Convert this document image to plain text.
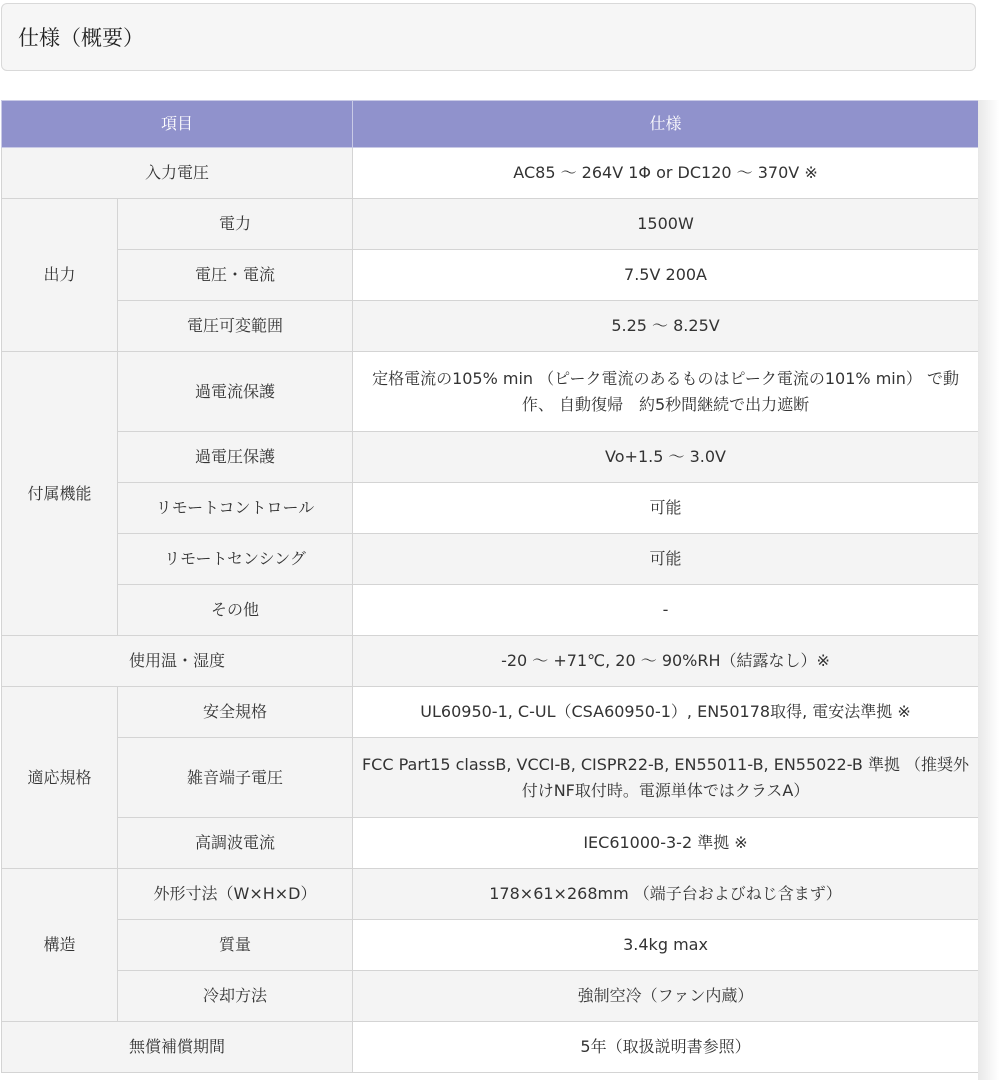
仕様（概要）
項目		仕様
入力電圧		AC85 ～ 264V 1Φ or DC120 ～ 370V ※
出力	電力	1500W
	電圧・電流	7.5V 200A
	電圧可変範囲	5.25 ～ 8.25V
付属機能	過電流保護	定格電流の105% min （ピーク電流のあるものはピーク電流の101% min） で動作、 自動復帰　約5秒間継続で出力遮断
	過電圧保護	Vo+1.5 ～ 3.0V
	リモートコントロール	可能
	リモートセンシング	可能
	その他	-
使用温・湿度		-20 ～ +71℃, 20 ～ 90%RH（結露なし）※
適応規格	安全規格	UL60950-1, C-UL（CSA60950-1）, EN50178取得, 電安法準拠 ※
	雑音端子電圧	FCC Part15 classB, VCCI-B, CISPR22-B, EN55011-B, EN55022-B 準拠 （推奨外付けNF取付時。電源単体ではクラスA）
	高調波電流	IEC61000-3-2 準拠 ※
構造	外形寸法（W×H×D）	178×61×268mm （端子台およびねじ含まず）
	質量	3.4kg max
	冷却方法	強制空冷（ファン内蔵）
無償補償期間		5年（取扱説明書参照）
